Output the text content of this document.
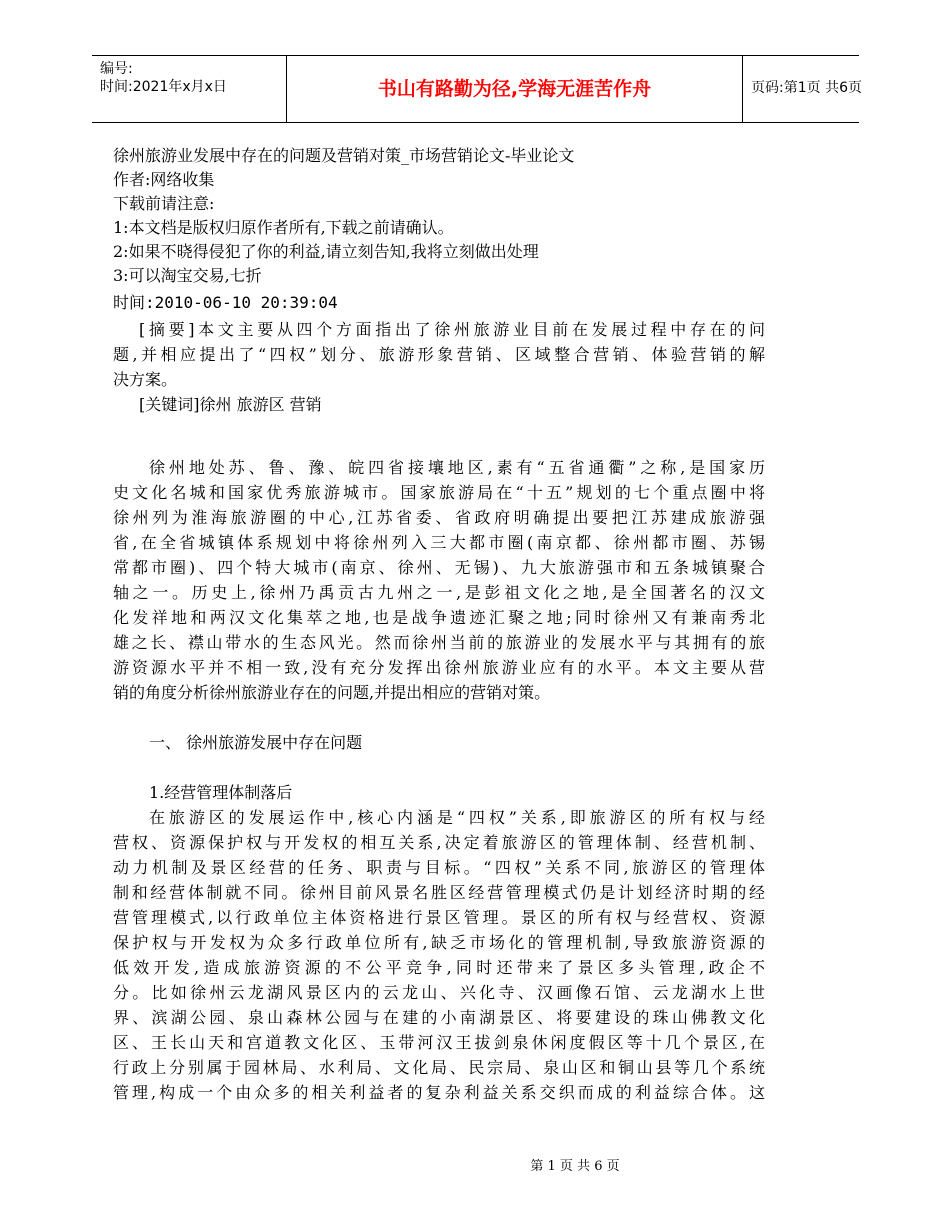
编号:
时间:2021年x月x日	书山有路勤为径,学海无涯苦作舟	页码:第1页 共6页
徐州旅游业发展中存在的问题及营销对策_市场营销论文-毕业论文
作者:网络收集
下载前请注意:
1:本文档是版权归原作者所有,下载之前请确认。
2:如果不晓得侵犯了你的利益,请立刻告知,我将立刻做出处理
3:可以淘宝交易,七折
时间:2010-06-10 20:39:04
[摘要]本文主要从四个方面指出了徐州旅游业目前在发展过程中存在的问
题,并相应提出了“四权”划分、旅游形象营销、区域整合营销、体验营销的解
决方案。
[关键词]徐州 旅游区 营销
徐州地处苏、鲁、豫、皖四省接壤地区,素有“五省通衢”之称,是国家历
史文化名城和国家优秀旅游城市。国家旅游局在“十五”规划的七个重点圈中将
徐州列为淮海旅游圈的中心,江苏省委、省政府明确提出要把江苏建成旅游强
省,在全省城镇体系规划中将徐州列入三大都市圈(南京都、徐州都市圈、苏锡
常都市圈)、四个特大城市(南京、徐州、无锡)、九大旅游强市和五条城镇聚合
轴之一。历史上,徐州乃禹贡古九州之一,是彭祖文化之地,是全国著名的汉文
化发祥地和两汉文化集萃之地,也是战争遗迹汇聚之地;同时徐州又有兼南秀北
雄之长、襟山带水的生态风光。然而徐州当前的旅游业的发展水平与其拥有的旅
游资源水平并不相一致,没有充分发挥出徐州旅游业应有的水平。本文主要从营
销的角度分析徐州旅游业存在的问题,并提出相应的营销对策。
一、 徐州旅游发展中存在问题
1.经营管理体制落后
在旅游区的发展运作中,核心内涵是“四权”关系,即旅游区的所有权与经
营权、资源保护权与开发权的相互关系,决定着旅游区的管理体制、经营机制、
动力机制及景区经营的任务、职责与目标。“四权”关系不同,旅游区的管理体
制和经营体制就不同。徐州目前风景名胜区经营管理模式仍是计划经济时期的经
营管理模式,以行政单位主体资格进行景区管理。景区的所有权与经营权、资源
保护权与开发权为众多行政单位所有,缺乏市场化的管理机制,导致旅游资源的
低效开发,造成旅游资源的不公平竞争,同时还带来了景区多头管理,政企不
分。比如徐州云龙湖风景区内的云龙山、兴化寺、汉画像石馆、云龙湖水上世
界、滨湖公园、泉山森林公园与在建的小南湖景区、将要建设的珠山佛教文化
区、王长山天和宫道教文化区、玉带河汉王拔剑泉休闲度假区等十几个景区,在
行政上分别属于园林局、水利局、文化局、民宗局、泉山区和铜山县等几个系统
管理,构成一个由众多的相关利益者的复杂利益关系交织而成的利益综合体。这
第 1 页 共 6 页
